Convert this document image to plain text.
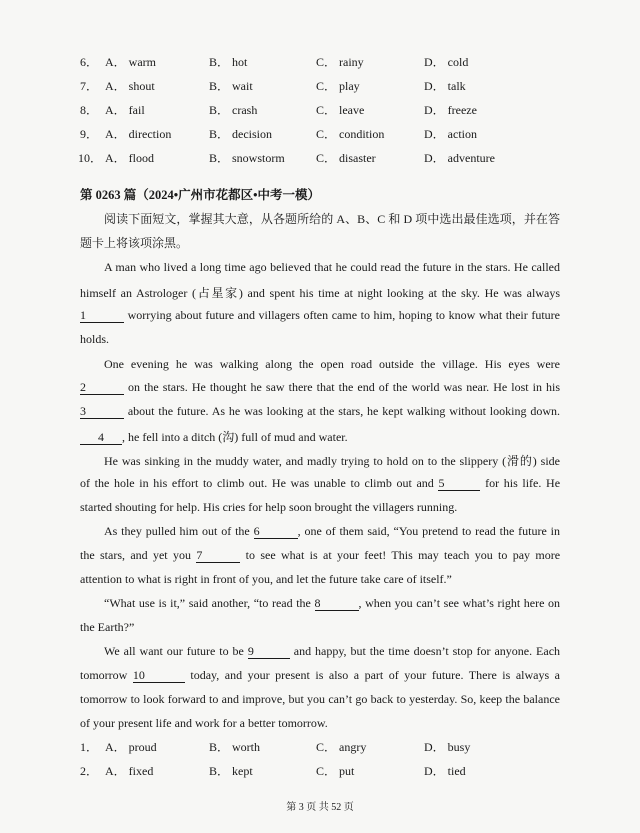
6． A． warm	B． hot	C． rainy	D． cold
7． A． shout	B． wait	C． play	D． talk
8． A． fail	B． crash	C． leave	D． freeze
9． A． direction	B． decision	C． condition	D． action
10． A． flood	B． snowstorm	C． disaster	D． adventure
第 0263 篇（2024•广州市花都区•中考一模）
阅读下面短文，掌握其大意，从各题所给的 A、B、C 和 D 项中选出最佳选项，并在答
题卡上将该项涂黑。
A man who lived a long time ago believed that he could read the future in the stars. He called
himself an Astrologer (占星家) and spent his time at night looking at the sky. He was always
1	worrying about future and villagers often came to him, hoping to know what their future
holds.
One evening he was walking along the open road outside the village. His eyes were
2	on the stars. He thought he saw there that the end of the world was near. He lost in his
3	about the future. As he was looking at the stars, he kept walking without looking down.
4 , he fell into a ditch (沟) full of mud and water.
He was sinking in the muddy water, and madly trying to hold on to the slippery (滑的) side
of the hole in his effort to climb out. He was unable to climb out and 5	for his life. He
started shouting for help. His cries for help soon brought the villagers running.
As they pulled him out of the 6	, one of them said, “You pretend to read the future in
the stars, and yet you 7	to see what is at your feet! This may teach you to pay more
attention to what is right in front of you, and let the future take care of itself.”
“What use is it,” said another, “to read the 8	, when you can’t see what’s right here on
the Earth?”
We all want our future to be 9	and happy, but the time doesn’t stop for anyone. Each
tomorrow 10	today, and your present is also a part of your future. There is always a
tomorrow to look forward to and improve, but you can’t go back to yesterday. So, keep the balance
of your present life and work for a better tomorrow.
1． A． proud	B． worth	C． angry	D． busy
2． A． fixed	B． kept	C． put	D． tied
第 3 页 共 52 页
